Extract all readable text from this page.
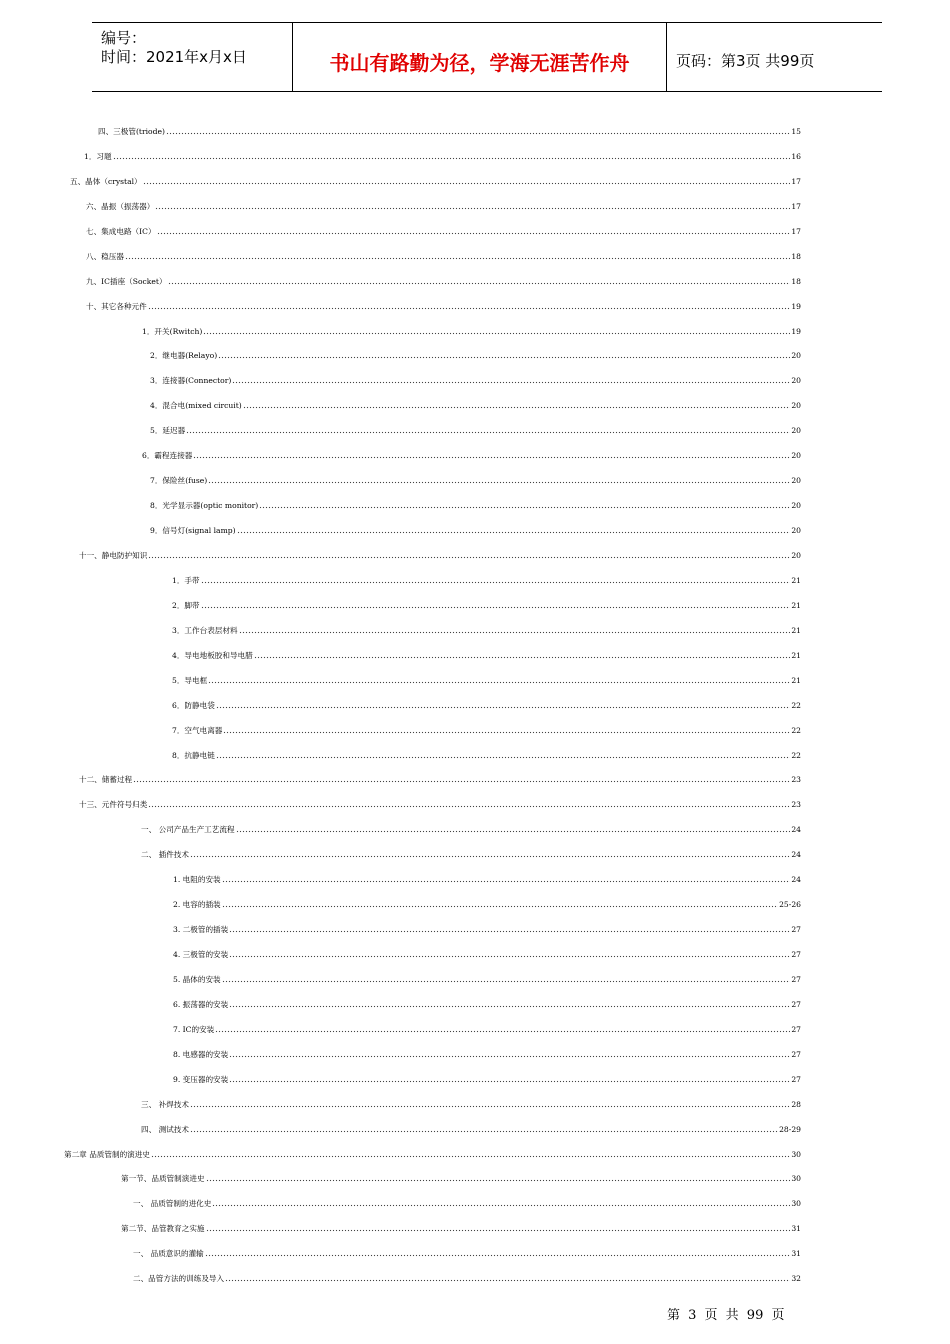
编号：
时间：2021年x月x日	书山有路勤为径，学海无涯苦作舟	页码：第3页 共99页
四、三极管(triode)	15
1．习题	16
五、晶体（crystal）	17
六、晶振（振荡器）	17
七、集成电路（IC）	17
八、稳压器	18
九、IC插座（Socket）	18
十、其它各种元件	19
1．开关(Rwitch)	19
2．继电器(Relayo)	20
3．连接器(Connector)	20
4．混合电(mixed circuit)	20
5．延迟器	20
6．霸程连接器	20
7．保险丝(fuse)	20
8．光学显示器(optic monitor)	20
9．信号灯(signal lamp)	20
十一、静电防护知识	20
1．手带	21
2．脚带	21
3．工作台表层材料	21
4．导电地板胶和导电腊	21
5．导电框	21
6．防静电袋	22
7．空气电离器	22
8．抗静电链	22
十二、储蓄过程	23
十三、元件符号归类	23
一、 公司产品生产工艺流程	24
二、 插件技术	24
1. 电阻的安装	24
2. 电容的插装	25-26
3. 二极管的插装	27
4. 三极管的安装	27
5. 晶体的安装	27
6. 振荡器的安装	27
7. IC的安装	27
8. 电感器的安装	27
9. 变压器的安装	27
三、 补焊技术	28
四、 测试技术	28-29
第二章 品质管制的演进史	30
第一节、品质管制演进史	30
一、 品质管制的进化史	30
第二节、品管教育之实施	31
一、 品质意识的灌输	31
二、品管方法的训练及导入	32
第 3 页 共 99 页
